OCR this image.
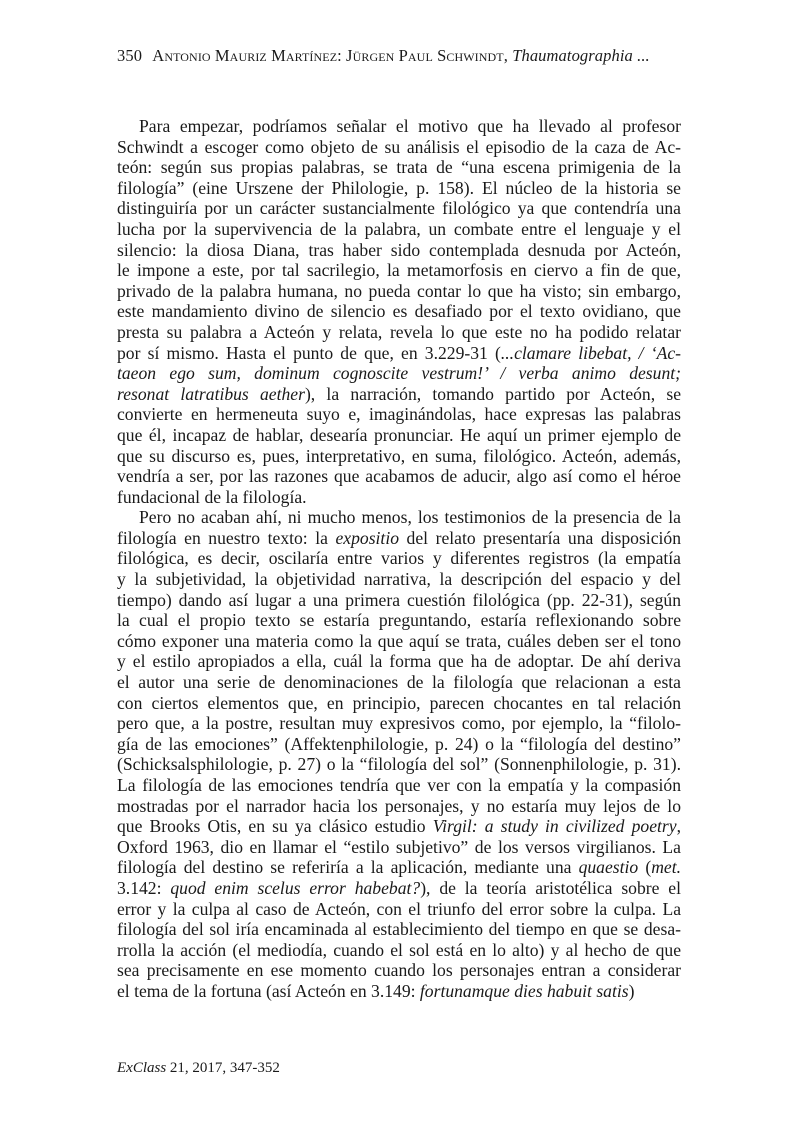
350 Antonio Mauriz Martínez: Jürgen Paul Schwindt, Thaumatographia ...
Para empezar, podríamos señalar el motivo que ha llevado al profesor
Schwindt a escoger como objeto de su análisis el episodio de la caza de Ac-
teón: según sus propias palabras, se trata de “una escena primigenia de la
filología” (eine Urszene der Philologie, p. 158). El núcleo de la historia se
distinguiría por un carácter sustancialmente filológico ya que contendría una
lucha por la supervivencia de la palabra, un combate entre el lenguaje y el
silencio: la diosa Diana, tras haber sido contemplada desnuda por Acteón,
le impone a este, por tal sacrilegio, la metamorfosis en ciervo a fin de que,
privado de la palabra humana, no pueda contar lo que ha visto; sin embargo,
este mandamiento divino de silencio es desafiado por el texto ovidiano, que
presta su palabra a Acteón y relata, revela lo que este no ha podido relatar
por sí mismo. Hasta el punto de que, en 3.229-31 (...clamare libebat, / ‘Ac-
taeon ego sum, dominum cognoscite vestrum!’ / verba animo desunt;
resonat latratibus aether), la narración, tomando partido por Acteón, se
convierte en hermeneuta suyo e, imaginándolas, hace expresas las palabras
que él, incapaz de hablar, desearía pronunciar. He aquí un primer ejemplo de
que su discurso es, pues, interpretativo, en suma, filológico. Acteón, además,
vendría a ser, por las razones que acabamos de aducir, algo así como el héroe
fundacional de la filología.
Pero no acaban ahí, ni mucho menos, los testimonios de la presencia de la
filología en nuestro texto: la expositio del relato presentaría una disposición
filológica, es decir, oscilaría entre varios y diferentes registros (la empatía
y la subjetividad, la objetividad narrativa, la descripción del espacio y del
tiempo) dando así lugar a una primera cuestión filológica (pp. 22-31), según
la cual el propio texto se estaría preguntando, estaría reflexionando sobre
cómo exponer una materia como la que aquí se trata, cuáles deben ser el tono
y el estilo apropiados a ella, cuál la forma que ha de adoptar. De ahí deriva
el autor una serie de denominaciones de la filología que relacionan a esta
con ciertos elementos que, en principio, parecen chocantes en tal relación
pero que, a la postre, resultan muy expresivos como, por ejemplo, la “filolo-
gía de las emociones” (Affektenphilologie, p. 24) o la “filología del destino”
(Schicksalsphilologie, p. 27) o la “filología del sol” (Sonnenphilologie, p. 31).
La filología de las emociones tendría que ver con la empatía y la compasión
mostradas por el narrador hacia los personajes, y no estaría muy lejos de lo
que Brooks Otis, en su ya clásico estudio Virgil: a study in civilized poetry,
Oxford 1963, dio en llamar el “estilo subjetivo” de los versos virgilianos. La
filología del destino se referiría a la aplicación, mediante una quaestio (met.
3.142: quod enim scelus error habebat?), de la teoría aristotélica sobre el
error y la culpa al caso de Acteón, con el triunfo del error sobre la culpa. La
filología del sol iría encaminada al establecimiento del tiempo en que se desa-
rrolla la acción (el mediodía, cuando el sol está en lo alto) y al hecho de que
sea precisamente en ese momento cuando los personajes entran a considerar
el tema de la fortuna (así Acteón en 3.149: fortunamque dies habuit satis)
ExClass 21, 2017, 347-352
